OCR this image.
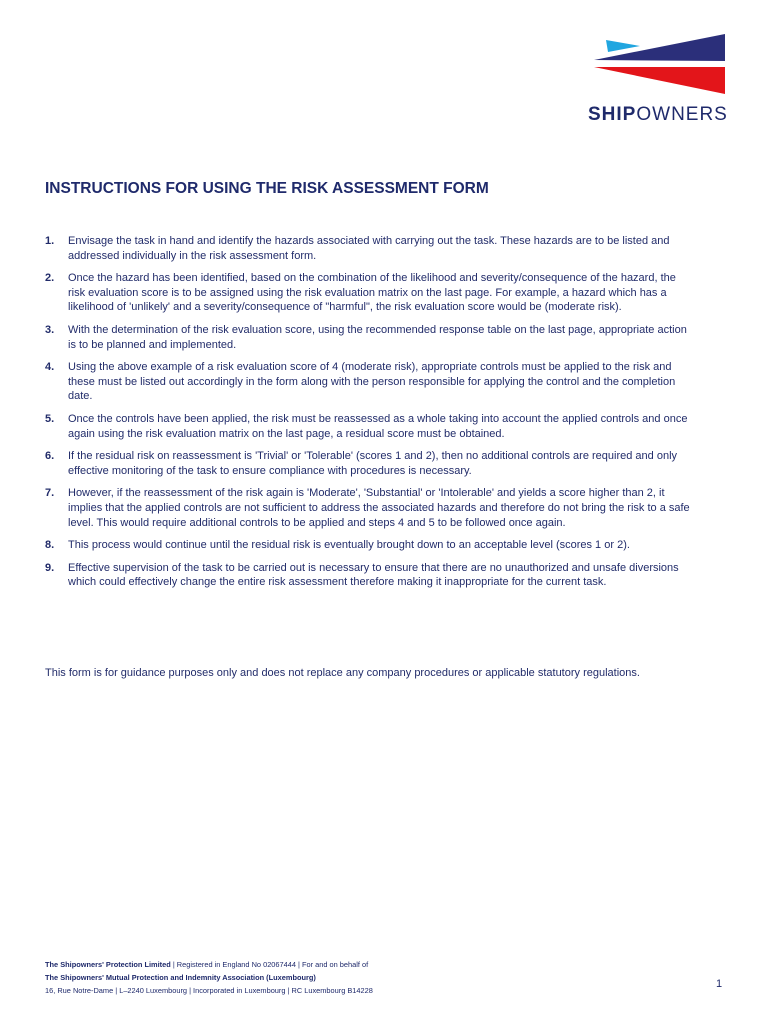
SHIPOWNERS
INSTRUCTIONS FOR USING THE RISK ASSESSMENT FORM
1. Envisage the task in hand and identify the hazards associated with carrying out the task. These hazards are to be listed and addressed individually in the risk assessment form.
2. Once the hazard has been identified, based on the combination of the likelihood and severity/consequence of the hazard, the risk evaluation score is to be assigned using the risk evaluation matrix on the last page. For example, a hazard which has a likelihood of 'unlikely' and a severity/consequence of "harmful", the risk evaluation score would be (moderate risk).
3. With the determination of the risk evaluation score, using the recommended response table on the last page, appropriate action is to be planned and implemented.
4. Using the above example of a risk evaluation score of 4 (moderate risk), appropriate controls must be applied to the risk and these must be listed out accordingly in the form along with the person responsible for applying the control and the completion date.
5. Once the controls have been applied, the risk must be reassessed as a whole taking into account the applied controls and once again using the risk evaluation matrix on the last page, a residual score must be obtained.
6. If the residual risk on reassessment is 'Trivial' or 'Tolerable' (scores 1 and 2), then no additional controls are required and only effective monitoring of the task to ensure compliance with procedures is necessary.
7. However, if the reassessment of the risk again is 'Moderate', 'Substantial' or 'Intolerable' and yields a score higher than 2, it implies that the applied controls are not sufficient to address the associated hazards and therefore do not bring the risk to a safe level. This would require additional controls to be applied and steps 4 and 5 to be followed once again.
8. This process would continue until the residual risk is eventually brought down to an acceptable level (scores 1 or 2).
9. Effective supervision of the task to be carried out is necessary to ensure that there are no unauthorized and unsafe diversions which could effectively change the entire risk assessment therefore making it inappropriate for the current task.
This form is for guidance purposes only and does not replace any company procedures or applicable statutory regulations.
The Shipowners' Protection Limited | Registered in England No 02067444 | For and on behalf of
The Shipowners' Mutual Protection and Indemnity Association (Luxembourg)
16, Rue Notre-Dame | L–2240 Luxembourg | Incorporated in Luxembourg | RC Luxembourg B14228
1
